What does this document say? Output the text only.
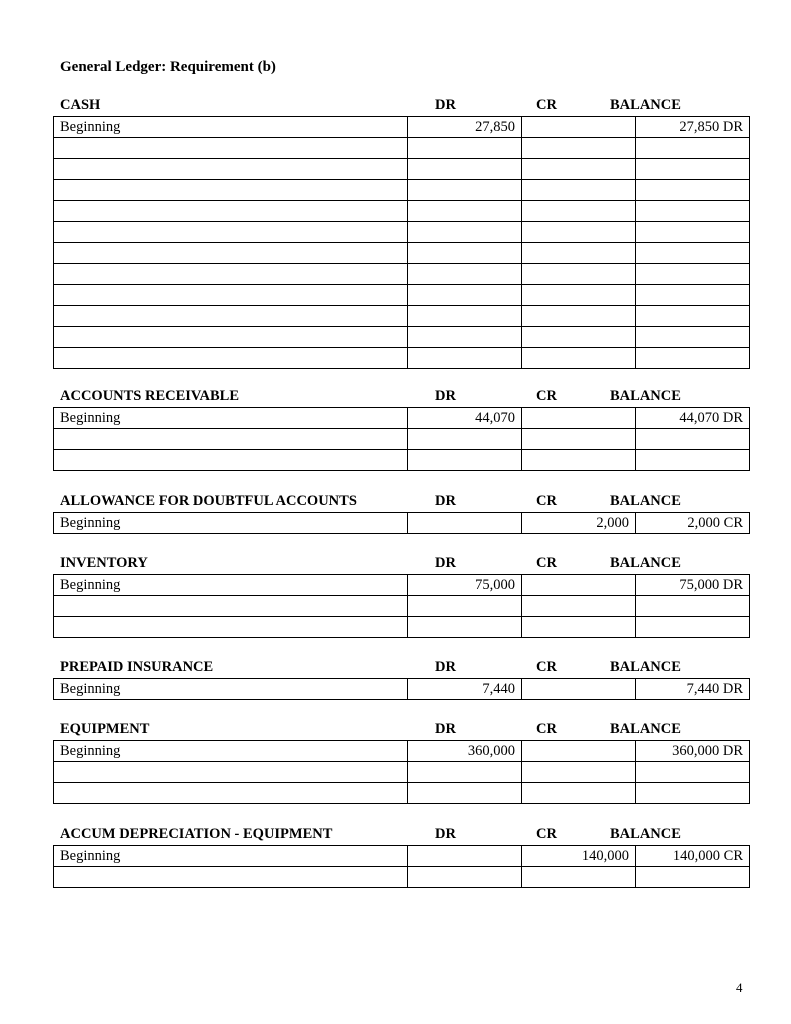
General Ledger: Requirement (b)
CASH	DR	CR	BALANCE
Beginning	27,850		27,850 DR

ACCOUNTS RECEIVABLE	DR	CR	BALANCE
Beginning	44,070		44,070 DR

ALLOWANCE FOR DOUBTFUL ACCOUNTS	DR	CR	BALANCE
Beginning		2,000	2,000 CR
INVENTORY	DR	CR	BALANCE
Beginning	75,000		75,000 DR

PREPAID INSURANCE	DR	CR	BALANCE
Beginning	7,440		7,440 DR
EQUIPMENT	DR	CR	BALANCE
Beginning	360,000		360,000 DR

ACCUM DEPRECIATION - EQUIPMENT	DR	CR	BALANCE
Beginning		140,000	140,000 CR

4
